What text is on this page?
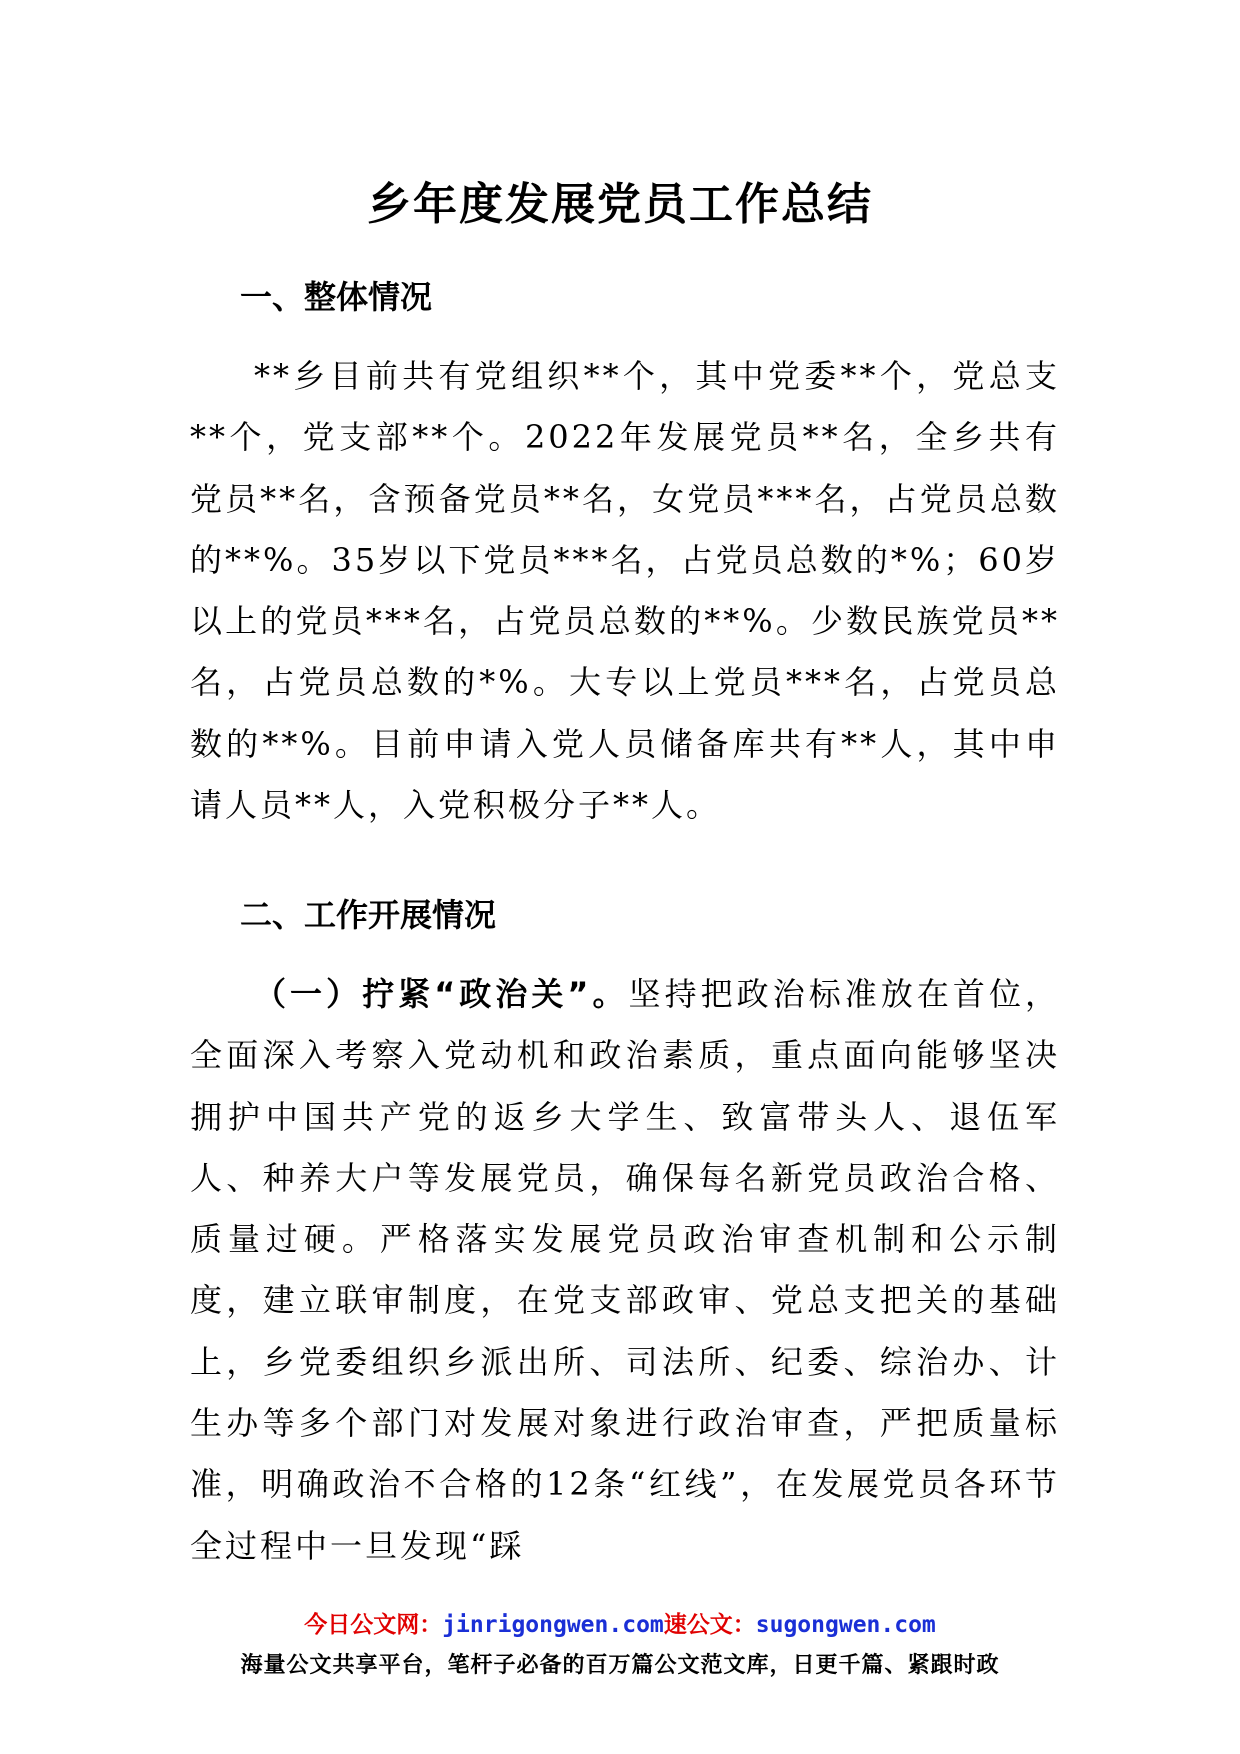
乡年度发展党员工作总结
一、整体情况

**乡目前共有党组织**个，其中党委**个，党总支**个，党支部**个。2022年发展党员**名，全乡共有党员**名，含预备党员**名，女党员***名，占党员总数的**%。35岁以下党员***名，占党员总数的*%；60岁以上的党员***名，占党员总数的**%。少数民族党员**名，占党员总数的*%。大专以上党员***名，占党员总数的**%。目前申请入党人员储备库共有**人，其中申请人员**人，入党积极分子**人。

二、工作开展情况

（一）拧紧“政治关”。坚持把政治标准放在首位，全面深入考察入党动机和政治素质，重点面向能够坚决拥护中国共产党的返乡大学生、致富带头人、退伍军人、种养大户等发展党员，确保每名新党员政治合格、质量过硬。严格落实发展党员政治审查机制和公示制度，建立联审制度，在党支部政审、党总支把关的基础上，乡党委组织乡派出所、司法所、纪委、综治办、计生办等多个部门对发展对象进行政治审查，严把质量标准，明确政治不合格的12条“红线”，在发展党员各环节全过程中一旦发现“踩

今日公文网：jinrigongwen.com速公文：sugongwen.com
海量公文共享平台，笔杆子必备的百万篇公文范文库，日更千篇、紧跟时政
